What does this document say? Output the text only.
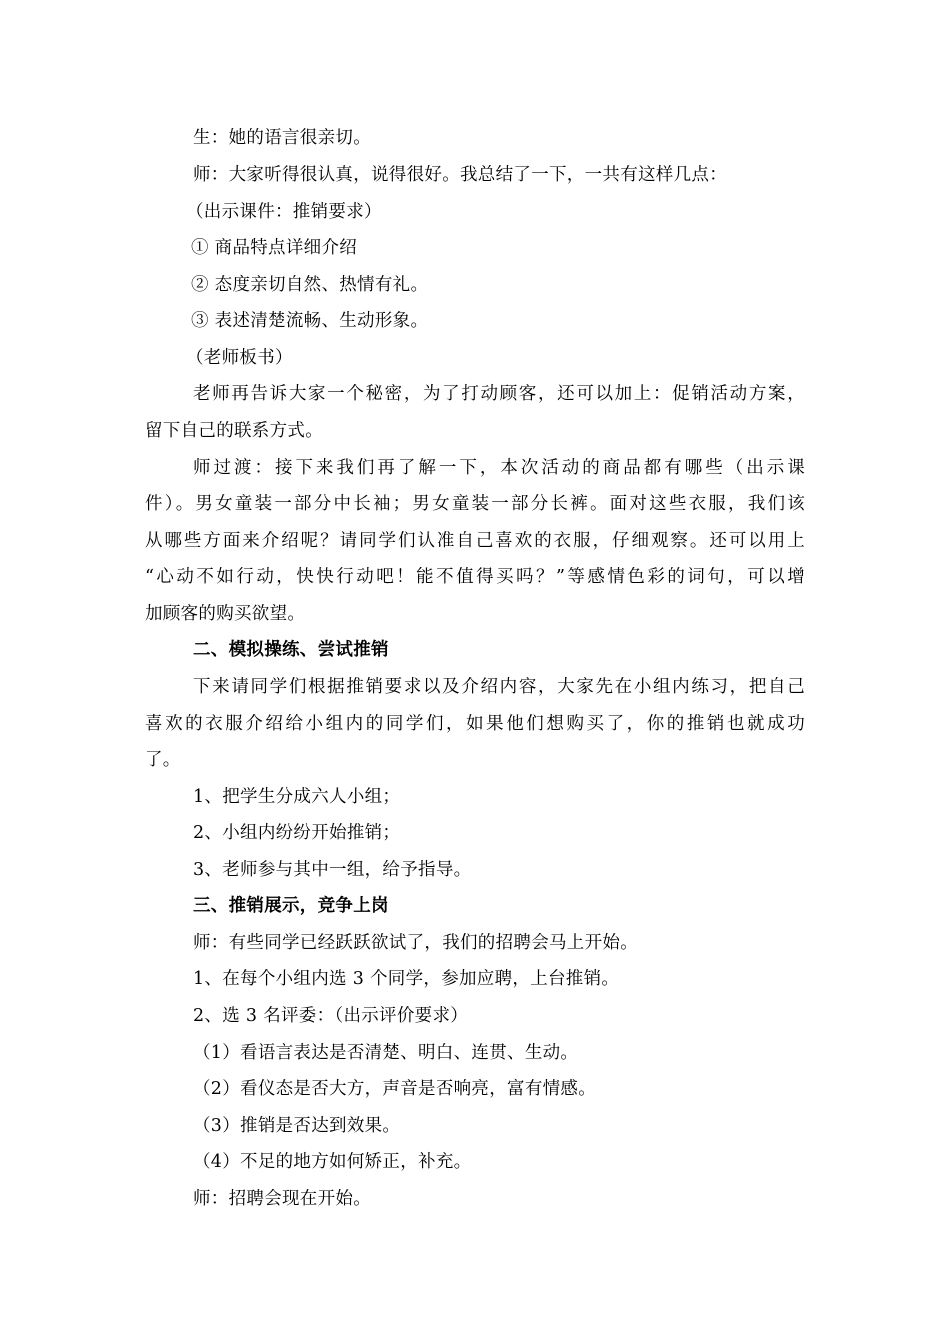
生：她的语言很亲切。
师：大家听得很认真，说得很好。我总结了一下，一共有这样几点：
（出示课件：推销要求）
① 商品特点详细介绍
② 态度亲切自然、热情有礼。
③ 表述清楚流畅、生动形象。
（老师板书）
老师再告诉大家一个秘密，为了打动顾客，还可以加上：促销活动方案，
留下自己的联系方式。
师过渡：接下来我们再了解一下，本次活动的商品都有哪些（出示课
件）。男女童装一部分中长袖；男女童装一部分长裤。面对这些衣服，我们该
从哪些方面来介绍呢？请同学们认准自己喜欢的衣服，仔细观察。还可以用上
“心动不如行动，快快行动吧！能不值得买吗？”等感情色彩的词句，可以增
加顾客的购买欲望。
二、模拟操练、尝试推销
下来请同学们根据推销要求以及介绍内容，大家先在小组内练习，把自己
喜欢的衣服介绍给小组内的同学们，如果他们想购买了，你的推销也就成功
了。
1、把学生分成六人小组；
2、小组内纷纷开始推销；
3、老师参与其中一组，给予指导。
三、推销展示，竞争上岗
师：有些同学已经跃跃欲试了，我们的招聘会马上开始。
1、在每个小组内选 3 个同学，参加应聘，上台推销。
2、选 3 名评委：（出示评价要求）
（1）看语言表达是否清楚、明白、连贯、生动。
（2）看仪态是否大方，声音是否响亮，富有情感。
（3）推销是否达到效果。
（4）不足的地方如何矫正，补充。
师：招聘会现在开始。
